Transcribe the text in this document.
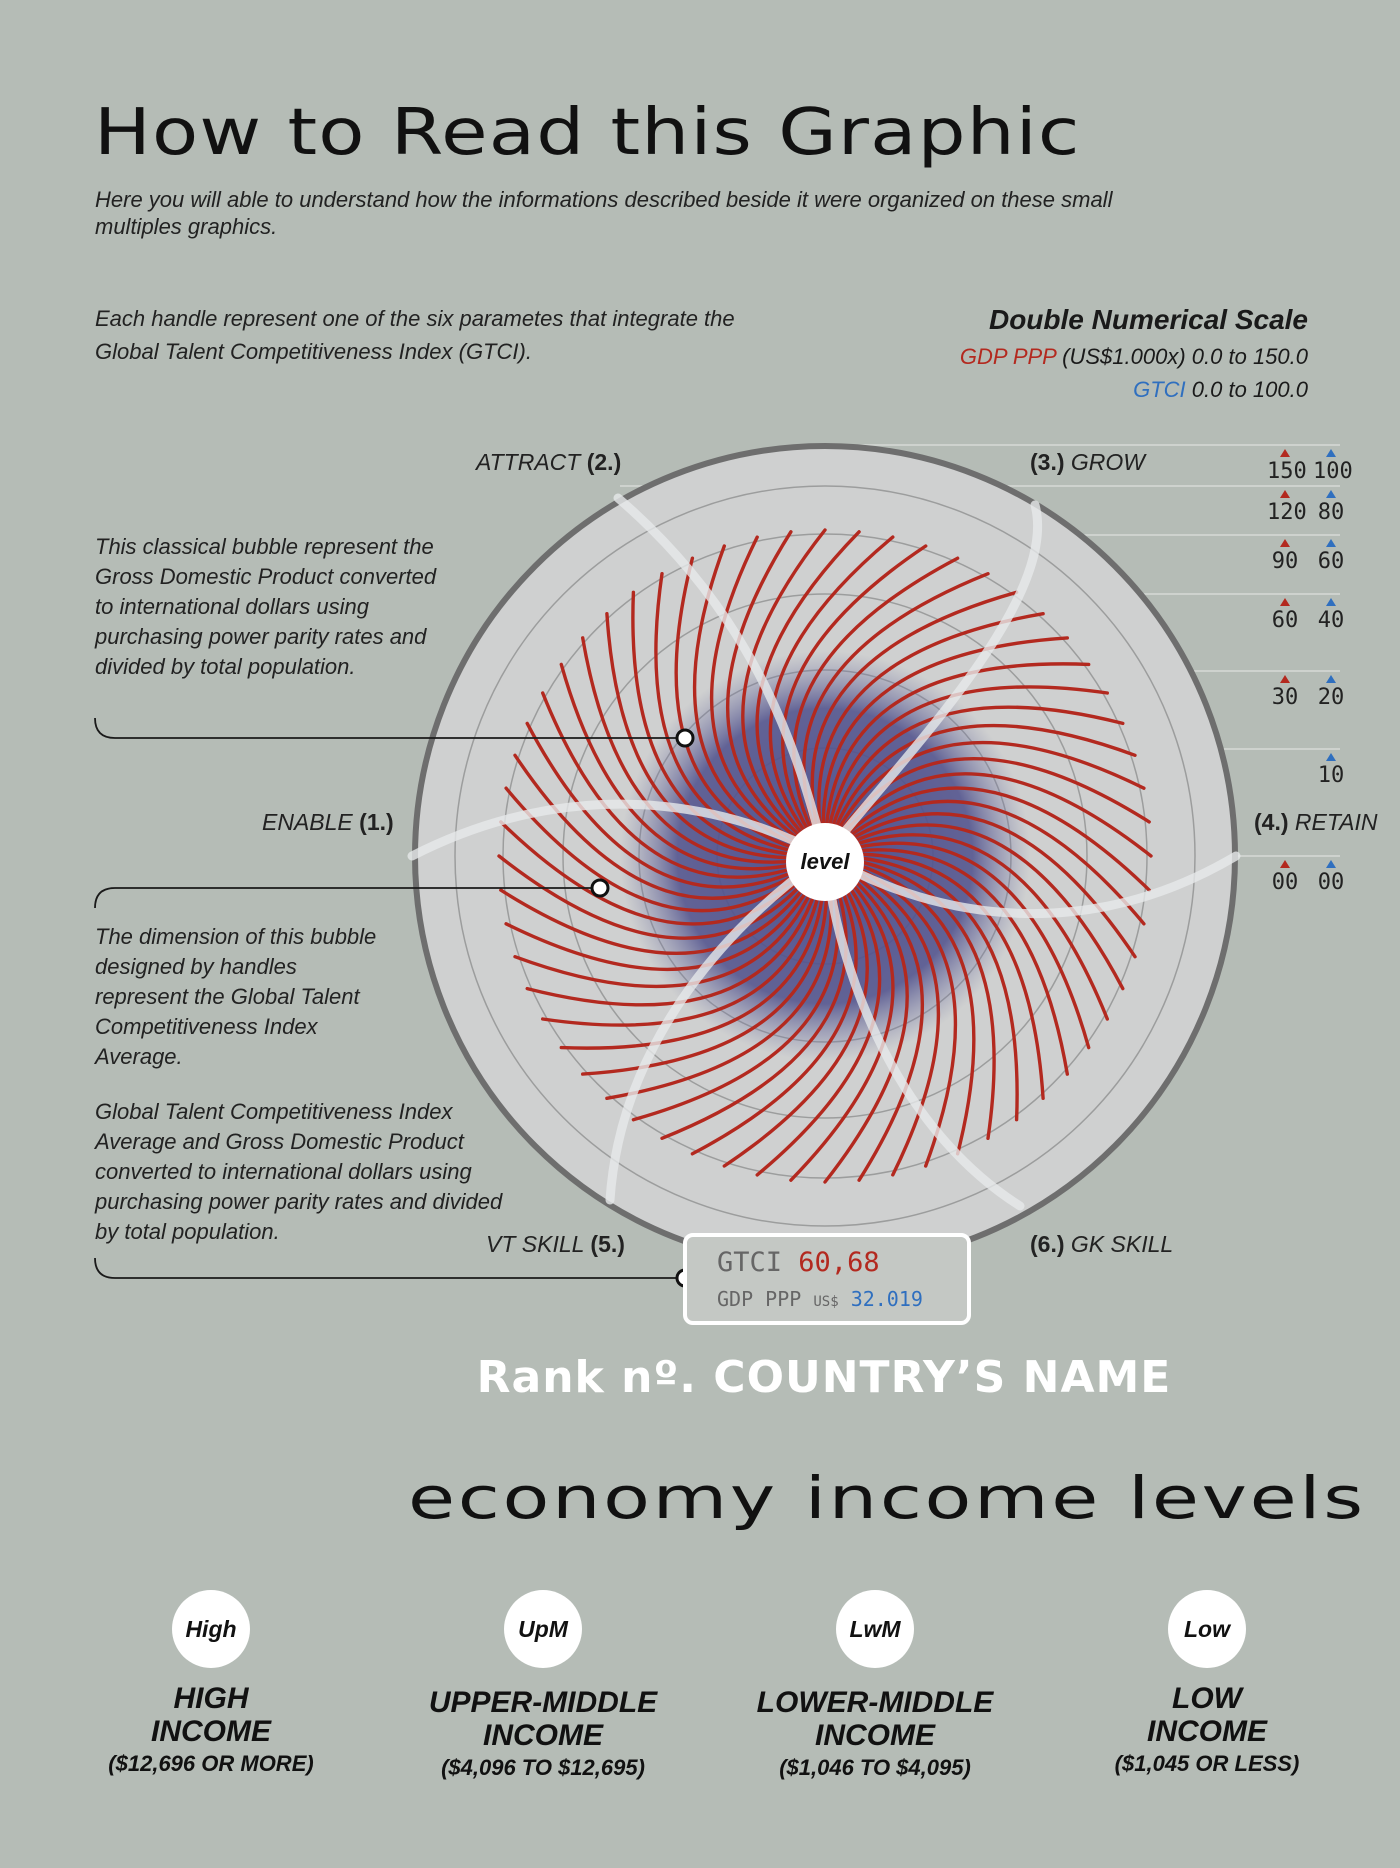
How to Read this Graphic
Here you will able to understand how the informations described beside it were organized on these small multiples graphics.
Each handle represent one of the six parametes that integrate the Global Talent Competitiveness Index (GTCI).
Double Numerical Scale
GDP PPP (US$1.000x) 0.0 to 150.0
GTCI 0.0 to 100.0
level
ENABLE (1.)
ATTRACT (2.)	(3.) GROW
(4.) RETAIN
VT SKILL (5.)	(6.) GK SKILL
This classical bubble represent the Gross Domestic Product converted to international dollars using purchasing power parity rates and divided by total population.
The dimension of this bubble designed by handles represent the Global Talent Competitiveness Index Average.
Global Talent Competitiveness Index Average and Gross Domestic Product converted to international dollars using purchasing power parity rates and divided by total population.
150 100
120 80
90 60
60 40
30 20
10
00 00
GTCI 60,68
GDP PPP US$ 32.019
Rank nº. COUNTRY’S NAME
economy income levels
High
HIGH
INCOME
($12,696 OR MORE)
UpM
UPPER-MIDDLE
INCOME
($4,096 TO $12,695)
LwM
LOWER-MIDDLE
INCOME
($1,046 TO $4,095)
Low
LOW
INCOME
($1,045 OR LESS)
